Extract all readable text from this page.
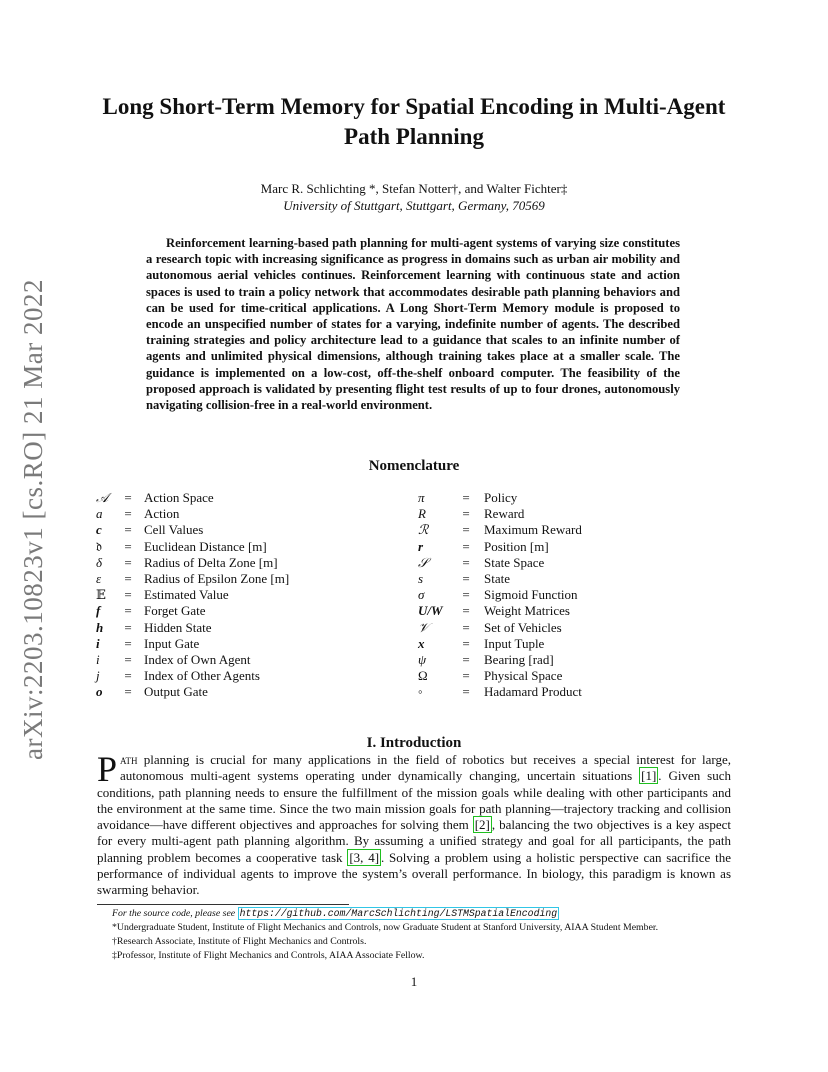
arXiv:2203.10823v1 [cs.RO] 21 Mar 2022
Long Short-Term Memory for Spatial Encoding in Multi-Agent Path Planning
Marc R. Schlichting *, Stefan Notter†, and Walter Fichter‡
University of Stuttgart, Stuttgart, Germany, 70569
Reinforcement learning-based path planning for multi-agent systems of varying size constitutes a research topic with increasing significance as progress in domains such as urban air mobility and autonomous aerial vehicles continues. Reinforcement learning with continuous state and action spaces is used to train a policy network that accommodates desirable path planning behaviors and can be used for time-critical applications. A Long Short-Term Memory module is proposed to encode an unspecified number of states for a varying, indefinite number of agents. The described training strategies and policy architecture lead to a guidance that scales to an infinite number of agents and unlimited physical dimensions, although training takes place at a smaller scale. The guidance is implemented on a low-cost, off-the-shelf onboard computer. The feasibility of the proposed approach is validated by presenting flight test results of up to four drones, autonomously navigating collision-free in a real-world environment.
Nomenclature
𝒜	= Action Space
a	= Action
c	= Cell Values
𝔡	= Euclidean Distance [m]
δ	= Radius of Delta Zone [m]
ε	= Radius of Epsilon Zone [m]
𝔼	= Estimated Value
f	= Forget Gate
h	= Hidden State
i	= Input Gate
i	= Index of Own Agent
j	= Index of Other Agents
o	= Output Gate
π	= Policy
R	= Reward
ℛ	= Maximum Reward
r	= Position [m]
𝒮	= State Space
s	= State
σ	= Sigmoid Function
U/W = Weight Matrices
𝒱	= Set of Vehicles
x	= Input Tuple
ψ	= Bearing [rad]
Ω	= Physical Space
◦	= Hadamard Product
I. Introduction
Path planning is crucial for many applications in the field of robotics but receives a special interest for large, autonomous multi-agent systems operating under dynamically changing, uncertain situations [1] . Given such conditions, path planning needs to ensure the fulfillment of the mission goals while dealing with other participants and the environment at the same time. Since the two main mission goals for path planning—trajectory tracking and collision avoidance—have different objectives and approaches for solving them [2] , balancing the two objectives is a key aspect for every multi-agent path planning algorithm. By assuming a unified strategy and goal for all participants, the path planning problem becomes a cooperative task [3, 4] . Solving a problem using a holistic perspective can sacrifice the performance of individual agents to improve the system’s overall performance. In biology, this paradigm is known as swarming behavior.
For the source code, please see https://github.com/MarcSchlichting/LSTMSpatialEncoding
*Undergraduate Student, Institute of Flight Mechanics and Controls, now Graduate Student at Stanford University, AIAA Student Member.
†Research Associate, Institute of Flight Mechanics and Controls.
‡Professor, Institute of Flight Mechanics and Controls, AIAA Associate Fellow.
1
